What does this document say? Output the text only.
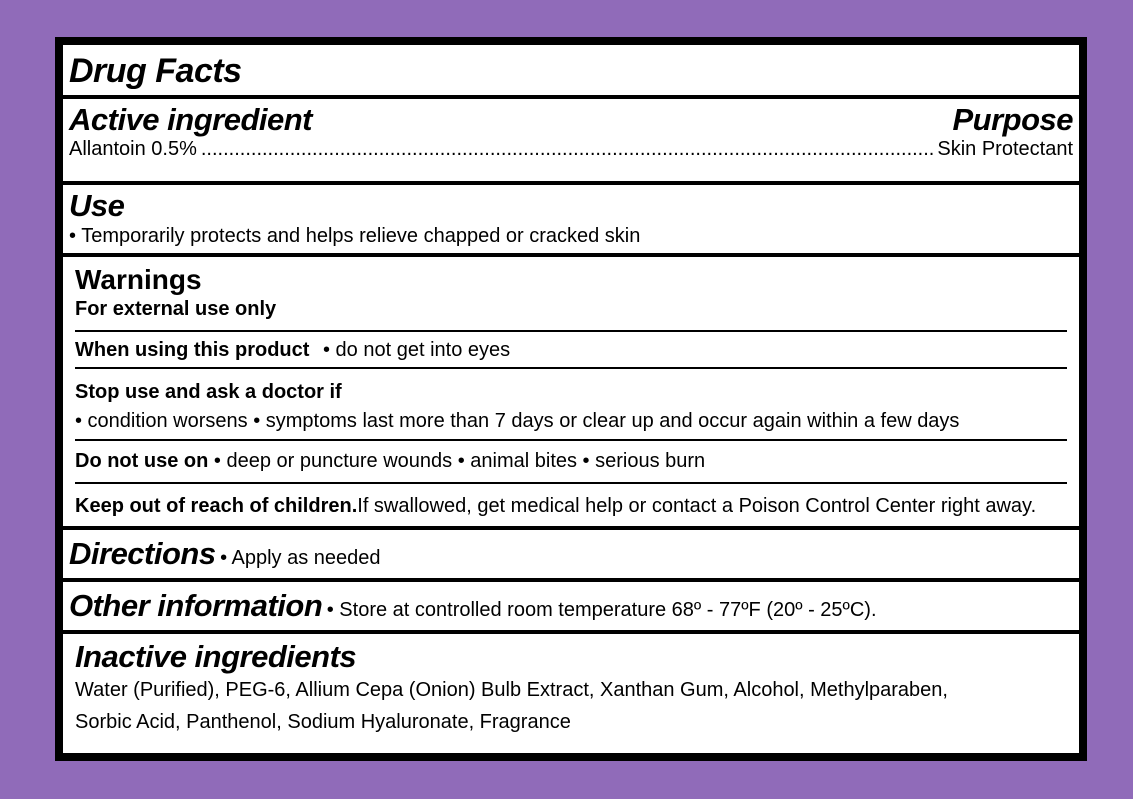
Drug Facts
Active ingredient	Purpose
Allantoin 0.5%
.....	Skin Protectant
Use
• Temporarily protects and helps relieve chapped or cracked skin
Warnings
For external use only
When using this product • do not get into eyes
Stop use and ask a doctor if
• condition worsens • symptoms last more than 7 days or clear up and occur again within a few days
Do not use on • deep or puncture wounds • animal bites • serious burn
Keep out of reach of children.If swallowed, get medical help or contact a Poison Control Center right away.
Directions • Apply as needed
Other information • Store at controlled room temperature 68º - 77ºF (20º - 25ºC).
Inactive ingredients
Water (Purified), PEG-6, Allium Cepa (Onion) Bulb Extract, Xanthan Gum, Alcohol, Methylparaben,
Sorbic Acid, Panthenol, Sodium Hyaluronate, Fragrance
